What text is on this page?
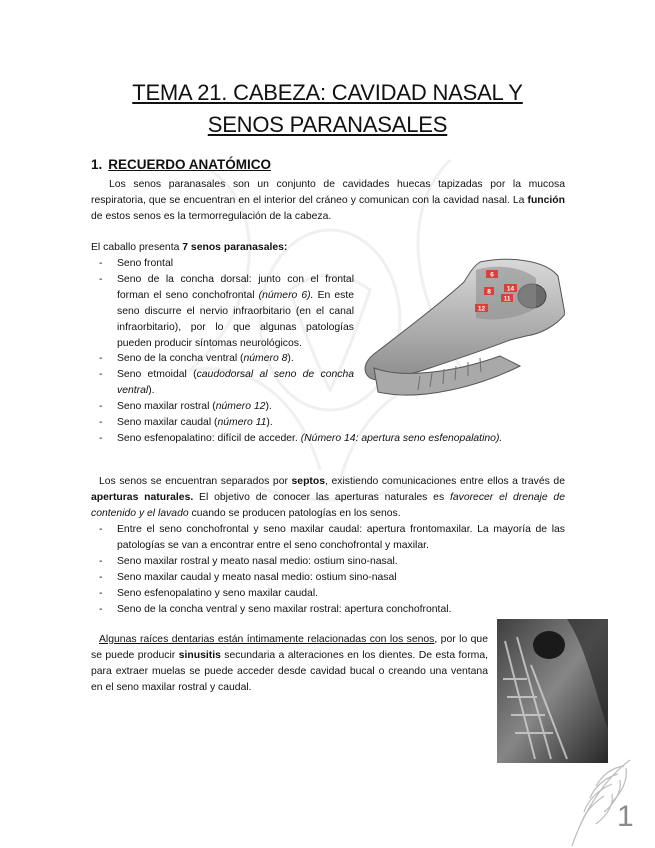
TEMA 21. CABEZA: CAVIDAD NASAL Y
SENOS PARANASALES
1. RECUERDO ANATÓMICO
Los senos paranasales son un conjunto de cavidades huecas tapizadas por la mucosa respiratoria, que se encuentran en el interior del cráneo y comunican con la cavidad nasal. La función de estos senos es la termorregulación de la cabeza.
El caballo presenta 7 senos paranasales:
- Seno frontal
- Seno de la concha dorsal: junto con el frontal forman el seno conchofrontal (número 6). En este seno discurre el nervio infraorbitario (en el canal infraorbitario), por lo que algunas patologías pueden producir síntomas neurológicos.
- Seno de la concha ventral (número 8).
- Seno etmoidal (caudodorsal al seno de concha ventral).
- Seno maxilar rostral (número 12).
- Seno maxilar caudal (número 11).
- Seno esfenopalatino: difícil de acceder. (Número 14: apertura seno esfenopalatino).
6
8 14
12
11
Los senos se encuentran separados por septos, existiendo comunicaciones entre ellos a través de aperturas naturales. El objetivo de conocer las aperturas naturales es favorecer el drenaje de contenido y el lavado cuando se producen patologías en los senos.
- Entre el seno conchofrontal y seno maxilar caudal: apertura frontomaxilar. La mayoría de las patologías se van a encontrar entre el seno conchofrontal y maxilar.
- Seno maxilar rostral y meato nasal medio: ostium sino-nasal.
- Seno maxilar caudal y meato nasal medio: ostium sino-nasal
- Seno esfenopalatino y seno maxilar caudal.
- Seno de la concha ventral y seno maxilar rostral: apertura conchofrontal.
Algunas raíces dentarias están íntimamente relacionadas con los senos, por lo que se puede producir sinusitis secundaria a alteraciones en los dientes. De esta forma, para extraer muelas se puede acceder desde cavidad bucal o creando una ventana en el seno maxilar rostral y caudal.
1
